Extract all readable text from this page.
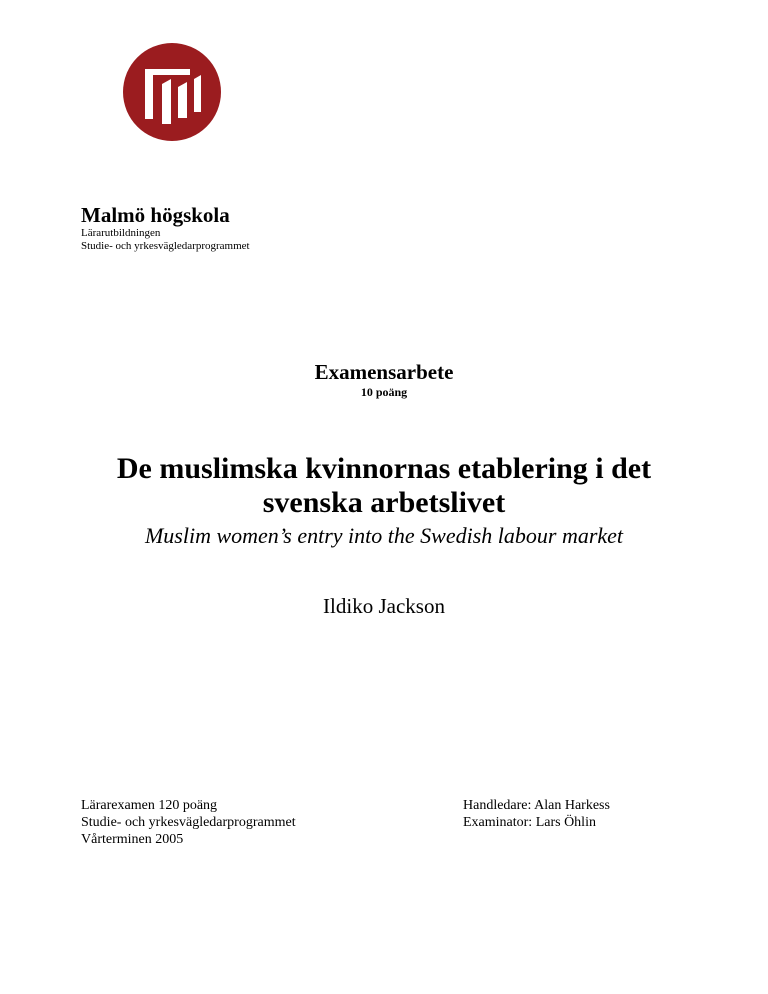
Malmö högskola
Lärarutbildningen
Studie- och yrkesvägledarprogrammet
Examensarbete
10 poäng
De muslimska kvinnornas etablering i det
svenska arbetslivet
Muslim women’s entry into the Swedish labour market
Ildiko Jackson
Lärarexamen 120 poäng
Studie- och yrkesvägledarprogrammet
Vårterminen 2005
Handledare: Alan Harkess
Examinator: Lars Öhlin
